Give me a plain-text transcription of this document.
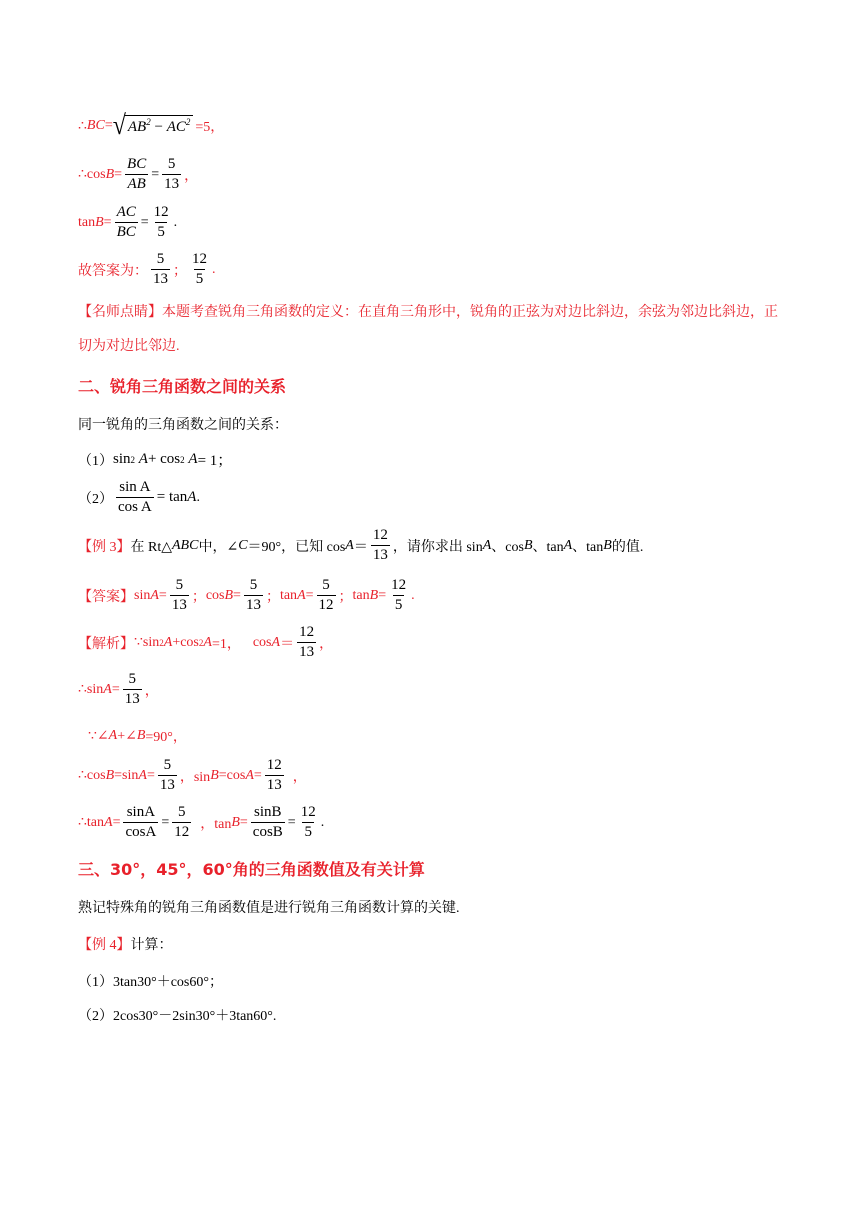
∴ BC = √ $AB^2 - AC^2 =5$，
∴cos $B = \frac{BC}{AB} = \frac{5}{13}$ ，
$\tan B = \frac{AC}{BC} = \frac{12}{5}$ .
故答案为： $\frac{5}{13}$ ； $\frac{12}{5}$ .
【名师点睛】本题考查锐角三角函数的定义：在直角三角形中，锐角的正弦为对边比斜边，余弦为邻边比斜边，正切为对边比邻边.
二、锐角三角函数之间的关系
同一锐角的三角函数之间的关系：
（1） sin 2
A + cos 2
A = 1；
$(2) \frac{\text{sin A}}{\text{cos A}} = \tan A$ .
【例 3】 在 Rt△ ABC 中，∠ C ＝90°，已知 $\cos A = \frac{12}{13}$ ，请你求出 sin A 、cos B 、tan A 、tan B 的值.
【答案】 $\sin A = \frac{5}{13}$ ； $\cos B = \frac{5}{13}$ ； $\tan A = \frac{5}{12}$ ； $\tan B = \frac{12}{5}$ .
【解析】 ∵sin 2 A +cos 2 A =1， $\cos A = \frac{12}{13}$ ，
∴sin $A = \frac{5}{13}$ ，
∵∠ A +∠ B =90°，
∴cos B =sin $A = \frac{5}{13}$ ，sin B =cos $A = \frac{12}{13}$ ，
∴tan $A = \frac{\sin A}{\cos A} = \frac{5}{12}$ ，$\tan B = \frac{\sin B}{\cos B} = \frac{12}{5}$ .
三、30°，45°，60°角的三角函数值及有关计算
熟记特殊角的锐角三角函数值是进行锐角三角函数计算的关键.
【例 4】 计算：
（1）3tan30°＋cos60°；
（2）2cos30°－2sin30°＋3tan60°.
